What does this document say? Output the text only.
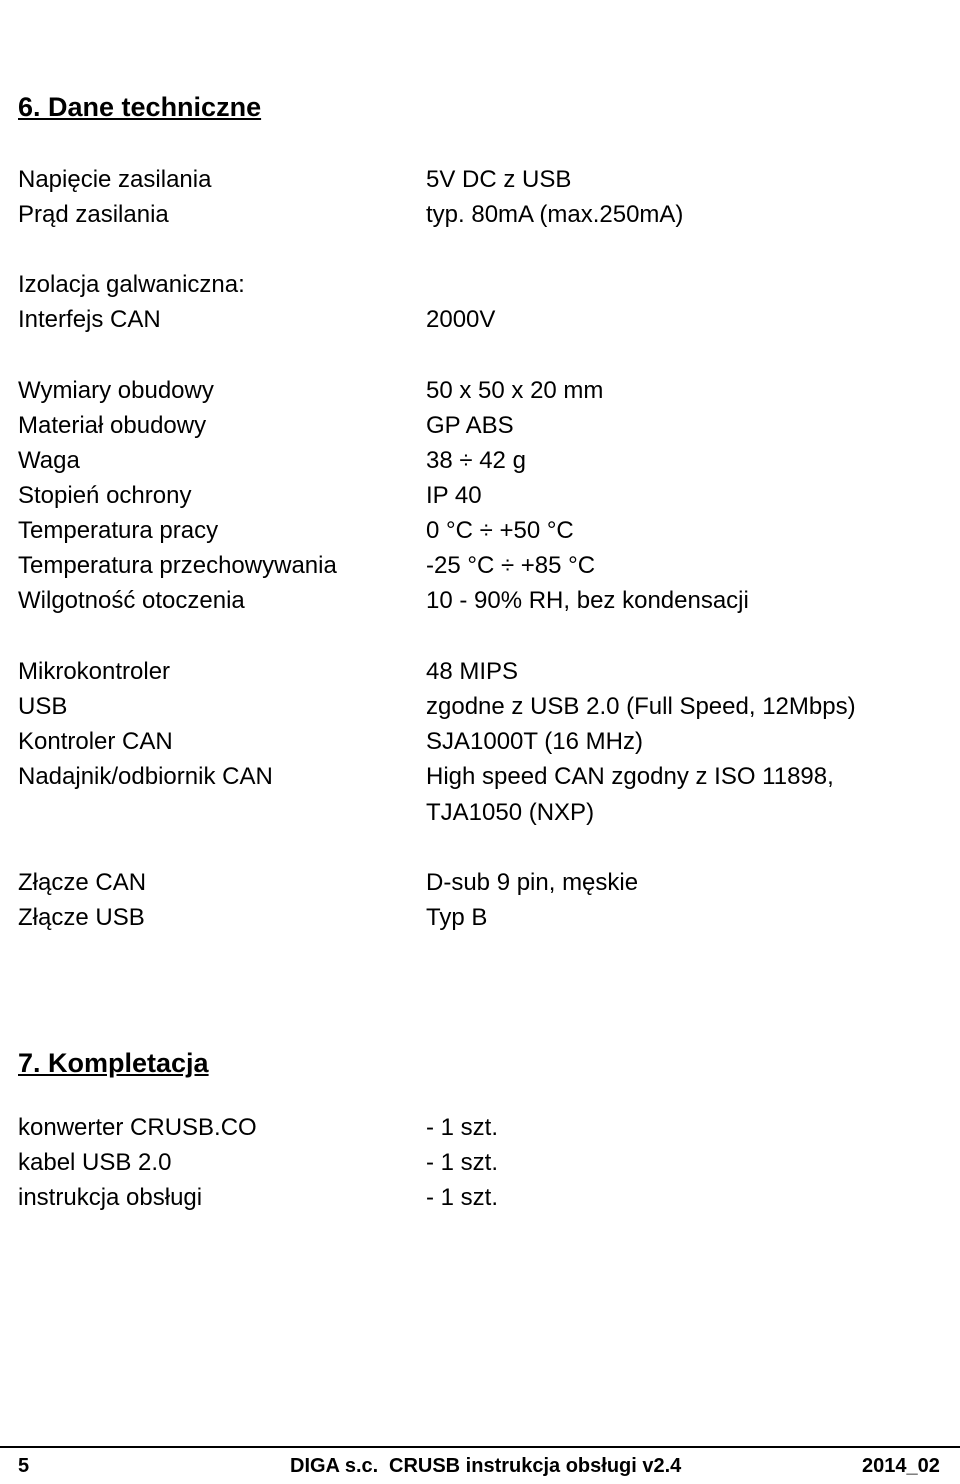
6. Dane techniczne
Napięcie zasilania	5V DC z USB
Prąd zasilania	typ. 80mA (max.250mA)
Izolacja galwaniczna:
Interfejs CAN	2000V
Wymiary obudowy	50 x 50 x 20 mm
Materiał obudowy	GP ABS
Waga	38 ÷ 42 g
Stopień ochrony	IP 40
Temperatura pracy	0 °C ÷ +50 °C
Temperatura przechowywania	-25 °C ÷ +85 °C
Wilgotność otoczenia	10 - 90% RH, bez kondensacji
Mikrokontroler	48 MIPS
USB	zgodne z USB 2.0 (Full Speed, 12Mbps)
Kontroler CAN	SJA1000T (16 MHz)
Nadajnik/odbiornik CAN	High speed CAN zgodny z ISO 11898,
TJA1050 (NXP)
Złącze CAN	D-sub 9 pin, męskie
Złącze USB	Typ B
7. Kompletacja
konwerter CRUSB.CO	- 1 szt.
kabel USB 2.0	- 1 szt.
instrukcja obsługi	- 1 szt.
5	DIGA s.c. CRUSB instrukcja obsługi v2.4	2014_02
